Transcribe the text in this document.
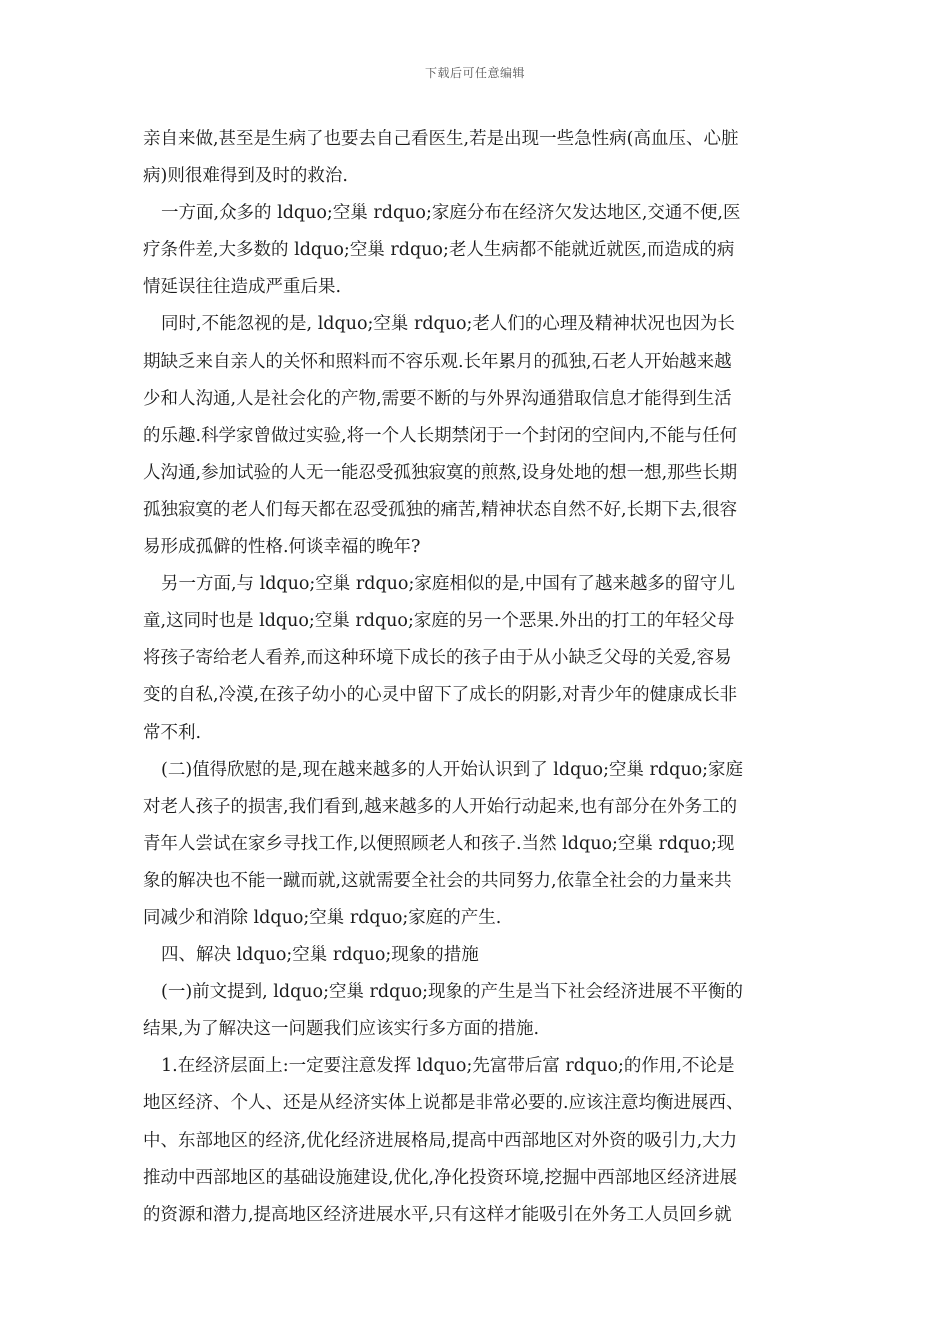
下载后可任意编辑
亲自来做,甚至是生病了也要去自己看医生,若是出现一些急性病(高血压、心脏
病)则很难得到及时的救治.
一方面,众多的 ldquo;空巢 rdquo;家庭分布在经济欠发达地区,交通不便,医
疗条件差,大多数的 ldquo;空巢 rdquo;老人生病都不能就近就医,而造成的病
情延误往往造成严重后果.
同时,不能忽视的是, ldquo;空巢 rdquo;老人们的心理及精神状况也因为长
期缺乏来自亲人的关怀和照料而不容乐观.长年累月的孤独,石老人开始越来越
少和人沟通,人是社会化的产物,需要不断的与外界沟通猎取信息才能得到生活
的乐趣.科学家曾做过实验,将一个人长期禁闭于一个封闭的空间内,不能与任何
人沟通,参加试验的人无一能忍受孤独寂寞的煎熬,设身处地的想一想,那些长期
孤独寂寞的老人们每天都在忍受孤独的痛苦,精神状态自然不好,长期下去,很容
易形成孤僻的性格.何谈幸福的晚年?
另一方面,与 ldquo;空巢 rdquo;家庭相似的是,中国有了越来越多的留守儿
童,这同时也是 ldquo;空巢 rdquo;家庭的另一个恶果.外出的打工的年轻父母
将孩子寄给老人看养,而这种环境下成长的孩子由于从小缺乏父母的关爱,容易
变的自私,冷漠,在孩子幼小的心灵中留下了成长的阴影,对青少年的健康成长非
常不利.
(二)值得欣慰的是,现在越来越多的人开始认识到了 ldquo;空巢 rdquo;家庭
对老人孩子的损害,我们看到,越来越多的人开始行动起来,也有部分在外务工的
青年人尝试在家乡寻找工作,以便照顾老人和孩子.当然 ldquo;空巢 rdquo;现
象的解决也不能一蹴而就,这就需要全社会的共同努力,依靠全社会的力量来共
同减少和消除 ldquo;空巢 rdquo;家庭的产生.
四、解决 ldquo;空巢 rdquo;现象的措施
(一)前文提到, ldquo;空巢 rdquo;现象的产生是当下社会经济进展不平衡的
结果,为了解决这一问题我们应该实行多方面的措施.
1.在经济层面上:一定要注意发挥 ldquo;先富带后富 rdquo;的作用,不论是
地区经济、个人、还是从经济实体上说都是非常必要的.应该注意均衡进展西、
中、东部地区的经济,优化经济进展格局,提高中西部地区对外资的吸引力,大力
推动中西部地区的基础设施建设,优化,净化投资环境,挖掘中西部地区经济进展
的资源和潜力,提高地区经济进展水平,只有这样才能吸引在外务工人员回乡就
